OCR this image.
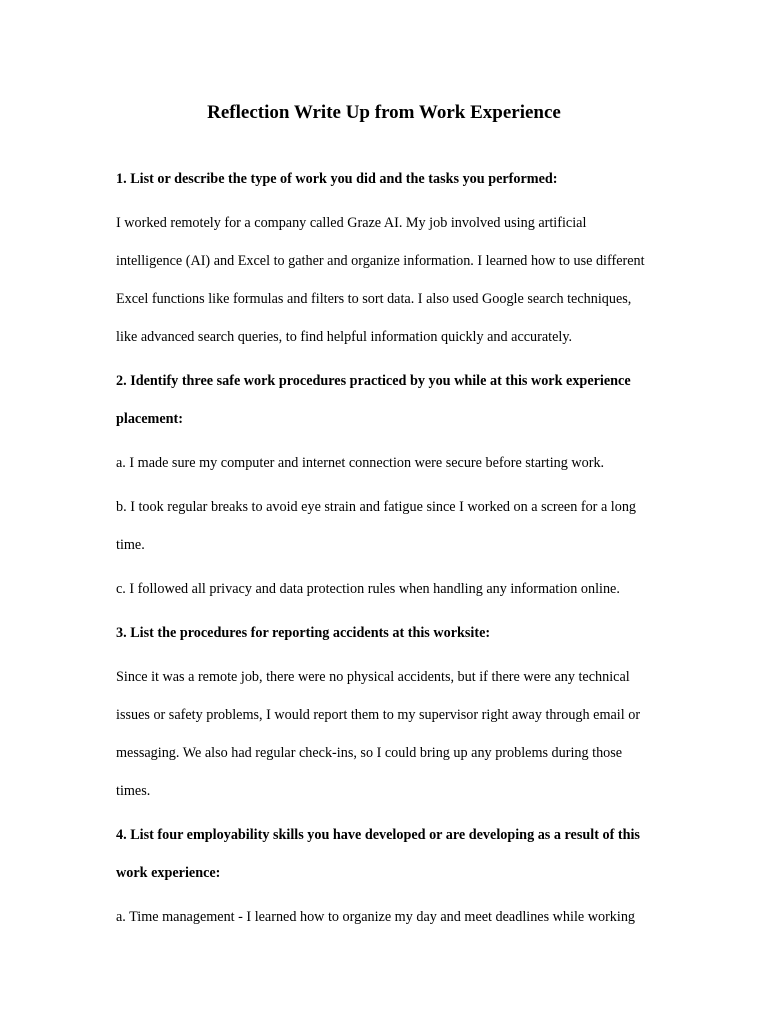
Reflection Write Up from Work Experience

1. List or describe the type of work you did and the tasks you performed:

I worked remotely for a company called Graze AI. My job involved using artificial
intelligence (AI) and Excel to gather and organize information. I learned how to use different
Excel functions like formulas and filters to sort data. I also used Google search techniques,
like advanced search queries, to find helpful information quickly and accurately.

2. Identify three safe work procedures practiced by you while at this work experience
placement:

a. I made sure my computer and internet connection were secure before starting work.

b. I took regular breaks to avoid eye strain and fatigue since I worked on a screen for a long
time.

c. I followed all privacy and data protection rules when handling any information online.

3. List the procedures for reporting accidents at this worksite:

Since it was a remote job, there were no physical accidents, but if there were any technical
issues or safety problems, I would report them to my supervisor right away through email or
messaging. We also had regular check-ins, so I could bring up any problems during those
times.

4. List four employability skills you have developed or are developing as a result of this
work experience:

a. Time management - I learned how to organize my day and meet deadlines while working
